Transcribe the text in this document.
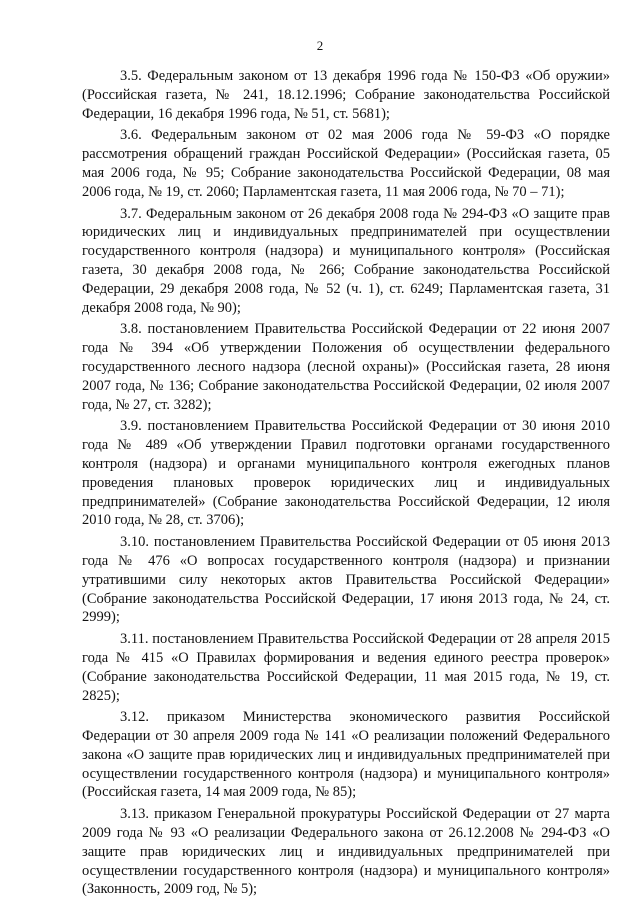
2

3.5. Федеральным законом от 13 декабря 1996 года № 150-ФЗ «Об оружии» (Российская газета, № 241, 18.12.1996; Собрание законодательства Российской Федерации, 16 декабря 1996 года, № 51, ст. 5681);

3.6. Федеральным законом от 02 мая 2006 года № 59-ФЗ «О порядке рассмотрения обращений граждан Российской Федерации» (Российская газета, 05 мая 2006 года, № 95; Собрание законодательства Российской Федерации, 08 мая 2006 года, № 19, ст. 2060; Парламентская газета, 11 мая 2006 года, № 70 – 71);

3.7. Федеральным законом от 26 декабря 2008 года № 294-ФЗ «О защите прав юридических лиц и индивидуальных предпринимателей при осуществлении государственного контроля (надзора) и муниципального контроля» (Российская газета, 30 декабря 2008 года, № 266; Собрание законодательства Российской Федерации, 29 декабря 2008 года, № 52 (ч. 1), ст. 6249; Парламентская газета, 31 декабря 2008 года, № 90);

3.8. постановлением Правительства Российской Федерации от 22 июня 2007 года № 394 «Об утверждении Положения об осуществлении федерального государственного лесного надзора (лесной охраны)» (Российская газета, 28 июня 2007 года, № 136; Собрание законодательства Российской Федерации, 02 июля 2007 года, № 27, ст. 3282);

3.9. постановлением Правительства Российской Федерации от 30 июня 2010 года № 489 «Об утверждении Правил подготовки органами государственного контроля (надзора) и органами муниципального контроля ежегодных планов проведения плановых проверок юридических лиц и индивидуальных предпринимателей» (Собрание законодательства Российской Федерации, 12 июля 2010 года, № 28, ст. 3706);

3.10. постановлением Правительства Российской Федерации от 05 июня 2013 года № 476 «О вопросах государственного контроля (надзора) и признании утратившими силу некоторых актов Правительства Российской Федерации» (Собрание законодательства Российской Федерации, 17 июня 2013 года, № 24, ст. 2999);

3.11. постановлением Правительства Российской Федерации от 28 апреля 2015 года № 415 «О Правилах формирования и ведения единого реестра проверок» (Собрание законодательства Российской Федерации, 11 мая 2015 года, № 19, ст. 2825);

3.12. приказом Министерства экономического развития Российской Федерации от 30 апреля 2009 года № 141 «О реализации положений Федерального закона «О защите прав юридических лиц и индивидуальных предпринимателей при осуществлении государственного контроля (надзора) и муниципального контроля» (Российская газета, 14 мая 2009 года, № 85);

3.13. приказом Генеральной прокуратуры Российской Федерации от 27 марта 2009 года № 93 «О реализации Федерального закона от 26.12.2008 № 294-ФЗ «О защите прав юридических лиц и индивидуальных предпринимателей при осуществлении государственного контроля (надзора) и муниципального контроля» (Законность, 2009 год, № 5);
